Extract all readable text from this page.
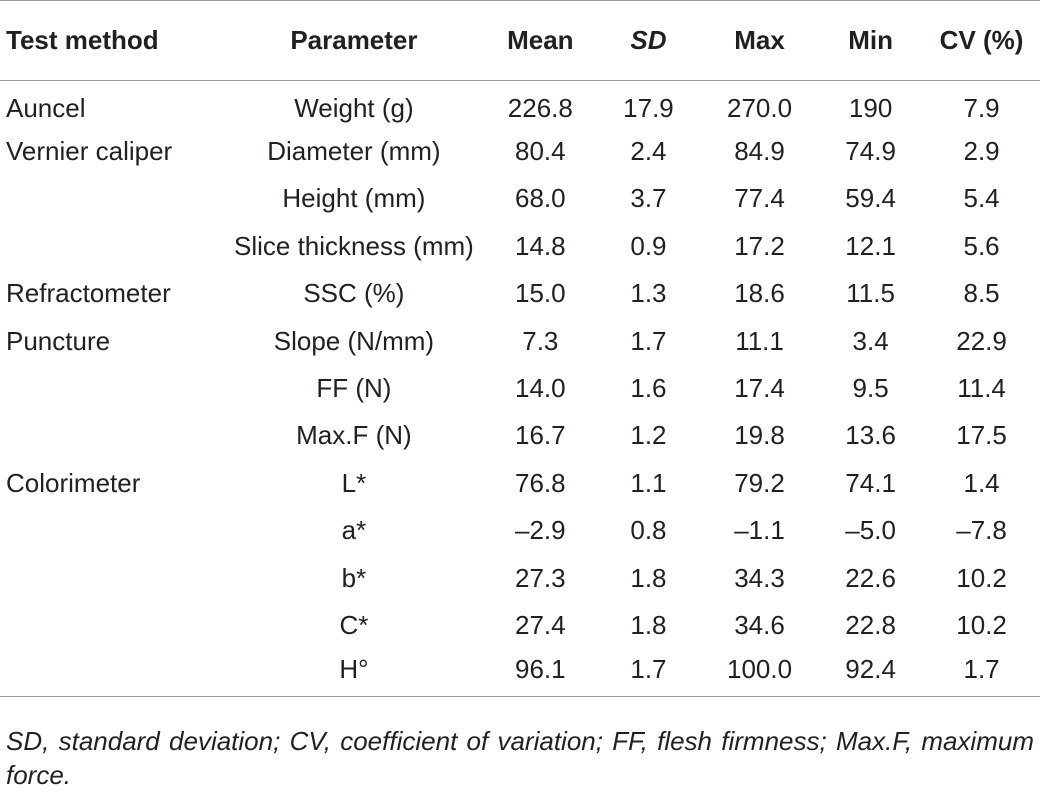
Test method	Parameter	Mean	SD	Max	Min	CV (%)
Auncel	Weight (g)	226.8	17.9	270.0	190	7.9
Vernier caliper	Diameter (mm)	80.4	2.4	84.9	74.9	2.9
	Height (mm)	68.0	3.7	77.4	59.4	5.4
	Slice thickness (mm)	14.8	0.9	17.2	12.1	5.6
Refractometer	SSC (%)	15.0	1.3	18.6	11.5	8.5
Puncture	Slope (N/mm)	7.3	1.7	11.1	3.4	22.9
	FF (N)	14.0	1.6	17.4	9.5	11.4
	Max.F (N)	16.7	1.2	19.8	13.6	17.5
Colorimeter	L*	76.8	1.1	79.2	74.1	1.4
	a*	–2.9	0.8	–1.1	–5.0	–7.8
	b*	27.3	1.8	34.3	22.6	10.2
	C*	27.4	1.8	34.6	22.8	10.2
	H°	96.1	1.7	100.0	92.4	1.7
SD, standard deviation; CV, coefficient of variation; FF, flesh firmness; Max.F, maximum force.
